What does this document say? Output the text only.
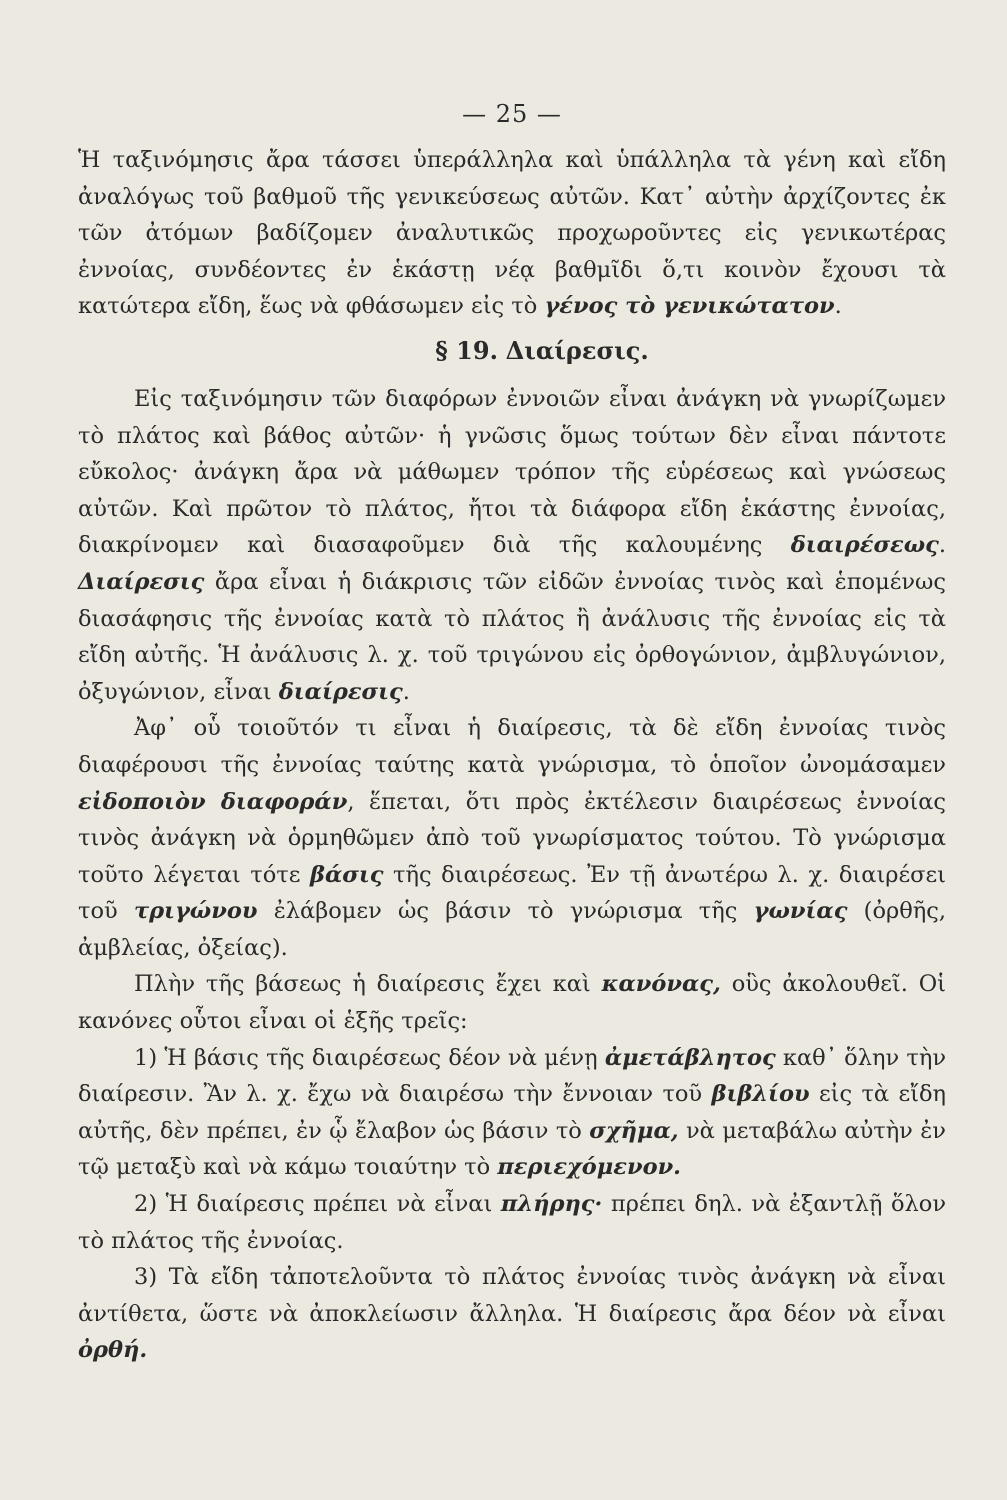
— 25 —

Ἡ ταξινόμησις ἄρα τάσσει ὑπεράλληλα καὶ ὑπάλληλα τὰ γένη καὶ εἴδη ἀναλόγως τοῦ βαθμοῦ τῆς γενικεύσεως αὐτῶν. Κατ᾽ αὐτὴν ἀρχίζοντες ἐκ τῶν ἀτόμων βαδίζομεν ἀναλυτικῶς προχωροῦντες εἰς γενικωτέρας ἐννοίας, συνδέοντες ἐν ἑκάστῃ νέᾳ βαθμῖδι ὅ,τι κοινὸν ἔχουσι τὰ κατώτερα εἴδη, ἕως νὰ φθάσωμεν εἰς τὸ γένος τὸ γενικώτατον.

§ 19. Διαίρεσις.

Εἰς ταξινόμησιν τῶν διαφόρων ἐννοιῶν εἶναι ἀνάγκη νὰ γνωρίζωμεν τὸ πλάτος καὶ βάθος αὐτῶν· ἡ γνῶσις ὅμως τούτων δὲν εἶναι πάντοτε εὔκολος· ἀνάγκη ἄρα νὰ μάθωμεν τρόπον τῆς εὑρέσεως καὶ γνώσεως αὐτῶν. Καὶ πρῶτον τὸ πλάτος, ἤτοι τὰ διάφορα εἴδη ἑκάστης ἐννοίας, διακρίνομεν καὶ διασαφοῦμεν διὰ τῆς καλουμένης διαιρέσεως. Διαίρεσις ἄρα εἶναι ἡ διάκρισις τῶν εἰδῶν ἐννοίας τινὸς καὶ ἑπομένως διασάφησις τῆς ἐννοίας κατὰ τὸ πλάτος ἢ ἀνάλυσις τῆς ἐννοίας εἰς τὰ εἴδη αὐτῆς. Ἡ ἀνάλυσις λ. χ. τοῦ τριγώνου εἰς ὀρθογώνιον, ἀμβλυγώνιον, ὀξυγώνιον, εἶναι διαίρεσις.

Ἀφ᾽ οὗ τοιοῦτόν τι εἶναι ἡ διαίρεσις, τὰ δὲ εἴδη ἐννοίας τινὸς διαφέρουσι τῆς ἐννοίας ταύτης κατὰ γνώρισμα, τὸ ὁποῖον ὠνομάσαμεν εἰδοποιὸν διαφοράν, ἕπεται, ὅτι πρὸς ἐκτέλεσιν διαιρέσεως ἐννοίας τινὸς ἀνάγκη νὰ ὁρμηθῶμεν ἀπὸ τοῦ γνωρίσματος τούτου. Τὸ γνώρισμα τοῦτο λέγεται τότε βάσις τῆς διαιρέσεως. Ἐν τῇ ἀνωτέρω λ. χ. διαιρέσει τοῦ τριγώνου ἐλάβομεν ὡς βάσιν τὸ γνώρισμα τῆς γωνίας (ὀρθῆς, ἀμβλείας, ὀξείας).

Πλὴν τῆς βάσεως ἡ διαίρεσις ἔχει καὶ κανόνας, οὓς ἀκολουθεῖ. Οἱ κανόνες οὗτοι εἶναι οἱ ἑξῆς τρεῖς:

1) Ἡ βάσις τῆς διαιρέσεως δέον νὰ μένῃ ἀμετάβλητος καθ᾽ ὅλην τὴν διαίρεσιν. Ἂν λ. χ. ἔχω νὰ διαιρέσω τὴν ἔννοιαν τοῦ βιβλίου εἰς τὰ εἴδη αὐτῆς, δὲν πρέπει, ἐν ᾧ ἔλαβον ὡς βάσιν τὸ σχῆμα, νὰ μεταβάλω αὐτὴν ἐν τῷ μεταξὺ καὶ νὰ κάμω τοιαύτην τὸ περιεχόμενον.

2) Ἡ διαίρεσις πρέπει νὰ εἶναι πλήρης· πρέπει δηλ. νὰ ἐξαντλῇ ὅλον τὸ πλάτος τῆς ἐννοίας.

3) Τὰ εἴδη τἀποτελοῦντα τὸ πλάτος ἐννοίας τινὸς ἀνάγκη νὰ εἶναι ἀντίθετα, ὥστε νὰ ἀποκλείωσιν ἄλληλα. Ἡ διαίρεσις ἄρα δέον νὰ εἶναι ὀρθή.
